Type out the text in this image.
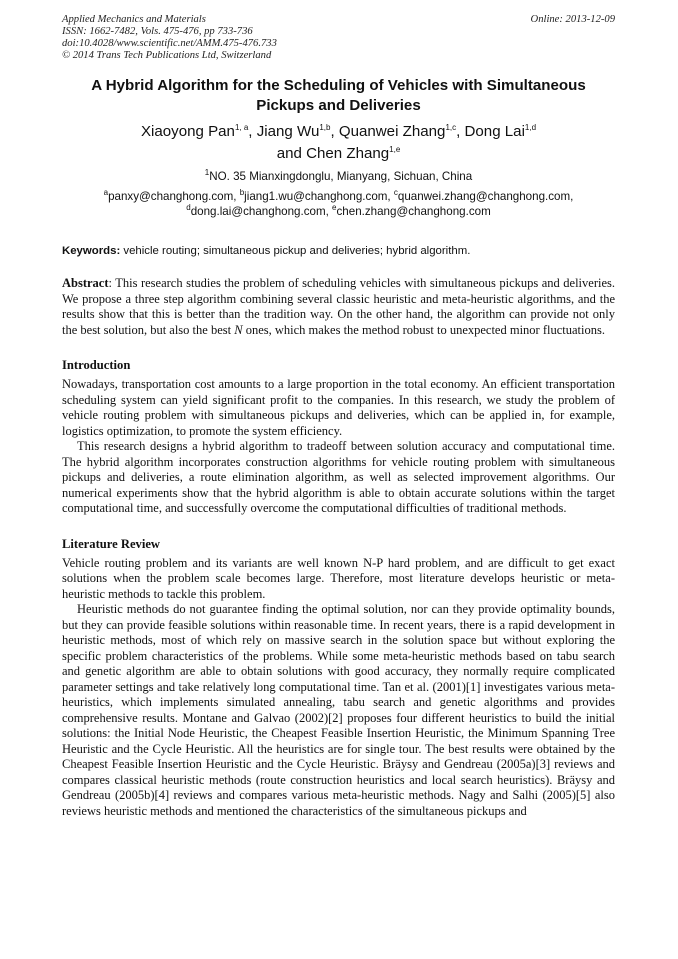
Applied Mechanics and Materials
ISSN: 1662-7482, Vols. 475-476, pp 733-736
doi:10.4028/www.scientific.net/AMM.475-476.733
© 2014 Trans Tech Publications Ltd, Switzerland
Online: 2013-12-09
A Hybrid Algorithm for the Scheduling of Vehicles with Simultaneous
Pickups and Deliveries
Xiaoyong Pan$^{1, a}$, Jiang Wu$^{1,b}$, Quanwei Zhang$^{1,c}$, Dong Lai$^{1,d}$
and Chen Zhang$^{1,e}$
$^1$NO. 35 Mianxingdonglu, Mianyang, Sichuan, China
$^a$panxy@changhong.com, $^b$jiang1.wu@changhong.com, $^c$quanwei.zhang@changhong.com,
$^d$dong.lai@changhong.com, $^e$chen.zhang@changhong.com
Keywords: vehicle routing; simultaneous pickup and deliveries; hybrid algorithm.

Abstract: This research studies the problem of scheduling vehicles with simultaneous pickups and deliveries. We propose a three step algorithm combining several classic heuristic and meta-heuristic algorithms, and the results show that this is better than the tradition way. On the other hand, the algorithm can provide not only the best solution, but also the best N ones, which makes the method robust to unexpected minor fluctuations.

Introduction

Nowadays, transportation cost amounts to a large proportion in the total economy. An efficient transportation scheduling system can yield significant profit to the companies. In this research, we study the problem of vehicle routing problem with simultaneous pickups and deliveries, which can be applied in, for example, logistics optimization, to promote the system efficiency.

This research designs a hybrid algorithm to tradeoff between solution accuracy and computational time. The hybrid algorithm incorporates construction algorithms for vehicle routing problem with simultaneous pickups and deliveries, a route elimination algorithm, as well as selected improvement algorithms. Our numerical experiments show that the hybrid algorithm is able to obtain accurate solutions within the target computational time, and successfully overcome the computational difficulties of traditional methods.

Literature Review

Vehicle routing problem and its variants are well known N-P hard problem, and are difficult to get exact solutions when the problem scale becomes large. Therefore, most literature develops heuristic or meta-heuristic methods to tackle this problem.

Heuristic methods do not guarantee finding the optimal solution, nor can they provide optimality bounds, but they can provide feasible solutions within reasonable time. In recent years, there is a rapid development in heuristic methods, most of which rely on massive search in the solution space but without exploring the specific problem characteristics of the problems. While some meta-heuristic methods based on tabu search and genetic algorithm are able to obtain solutions with good accuracy, they normally require complicated parameter settings and take relatively long computational time. Tan et al. (2001)[1] investigates various meta-heuristics, which implements simulated annealing, tabu search and genetic algorithms and provides comprehensive results. Montane and Galvao (2002)[2] proposes four different heuristics to build the initial solutions: the Initial Node Heuristic, the Cheapest Feasible Insertion Heuristic, the Minimum Spanning Tree Heuristic and the Cycle Heuristic. All the heuristics are for single tour. The best results were obtained by the Cheapest Feasible Insertion Heuristic and the Cycle Heuristic. Bräysy and Gendreau (2005a)[3] reviews and compares classical heuristic methods (route construction heuristics and local search heuristics). Bräysy and Gendreau (2005b)[4] reviews and compares various meta-heuristic methods. Nagy and Salhi (2005)[5] also reviews heuristic methods and mentioned the characteristics of the simultaneous pickups and
